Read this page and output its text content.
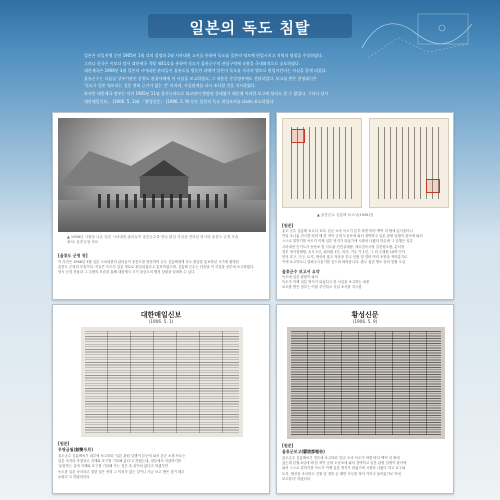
일본의 독도 침탈

일본은 러일전쟁 중인 1905년 1월 각의 결정과 2월 시마네현 고시를 통하여 독도를 일본의 영토에 편입시키고 지역의 명칭을 주장하였다.

그러나 한국은 이보다 앞서 대한제국 칙령 제41호를 통하여 독도가 울릉군수의 관할구역에 속함을 국내외적으로 공포하였다.

대한제국은 1906년 3월 일본의 시마네현 관리들이 울릉도를 방문한 뒤에야 일본이 독도를 자국의 영토로 편입시킨다는 사실을 알게 되었다.

울릉군수는 다음날 상부기관인 강원도 관찰사에게 이 사실을 보고하였고, 그 내용은 중앙정부에도 전달되었다. 보고를 받은 참정대신은

'독도가 일본 영토라는 설은 전혀 근거가 없는 것' 이라며, 사실관계를 다시 조사할 것을 지시하였다.

하지만 대한제국 정부는 이미 1905년 11월 을사늑약으로 외교권이 박탈된 상태였기 때문에 이러한 보고에 항의도 할 수 없었다. 그러나 당시

대한매일신보」 (1906. 5. 1)와 「황성신문」 (1906. 5. 9) 등은 일본의 독도 편입조치를 claim 보도하였다

▲ 1906년 시찰을 나온 일본 시마네현 관리들이 울릉군수를 만나 편입 사실을 전하던 당시의 울릉도 군청 모습
출처: 울릉군청 자료
[울릉도 군청 청]
이 사진은 1906년 3월 일본 시마네현의 관리들이 울릉도를 방문하여 군수 심흥택에게 독도 편입을 통보하던 시기에 촬영된
울릉도 군청의 모습이다. 이들은 독도가 일본 영토로 편입되었다고 통보하였으며, 심흥택 군수는 다음날 이 사실을 상부에 보고하였다.
당시 군청 건물과 그 주변의 모습을 통해 대한제국 시기 울릉도의 행정 상황을 살펴볼 수 있다.
▲ 울릉군수 심흥택 보고서(1906년)
[원문]
울도 군수 심흥택 보고서 호외. 본군 소속 독도가 본부 바깥 바다 백여 리 밖에 있사옵더니
이달 초나흘 진시쯤 되어 배 한 척이 군내 도동포에 와서 정박하고 일본 관원 일행이 관사에 와서
스스로 말하기를 독도가 이제 일본 영지가 되었기에 시찰차 나왔다 하온바 그 일행은 일본
시마네현 은기도사 동문보 및 사무관 신전유태랑, 세무감독국장 길전평오랑, 분서장
경부 영사청태랑, 순사 1인, 회의원 1인, 의사, 기수 각 1인, 그 외 수행원 10여 인이
먼저 호구, 인구, 토지, 생산의 많고 적음을 묻고 인원 및 경비 여러 조항을 적어갔기로
이에 보고하오니 살펴주시옵기를 엎드려 바라옵니다. 광무 십년 병오 음력 삼월 오일
울릉군수 보고서 요약
독도에 일본 관원이 와서
독도가 이제 일본 영지가 되었다고 한 사실을 보고하는 내용
보고를 받은 정부는 이를 부인하고 사실 조사를 지시함
대한매일신보
(1906. 5. 1)
[원문]
무쌍금월(無雙今月)
울도군수 심흥택씨가 내부에 보고하되 '일본 관원 일행이 본군에 와서 본군 소재 독도는
일본 속지라 자칭하고 지계와 호구를 기록해 갔다'고 하였는데, 내부에서 지령하기를
'유람하는 길에 지계와 호구를 기록해 가는 것은 혹 괴이치 않다고 하겠지만
독도를 일본 속지라고 칭한 것은 전혀 그 이치가 없는 것이니 지금 보고 받은 것이 매우
놀랍다'고 하였다더라
황성신문
(1906. 5. 9)
[원문]
울릉군보고(鬱陵郡報告)
울도군수 심흥택씨가 정부에 보고하되 '본군 소속 독도가 바깥 바다 백여 리 밖에
있는데 본월 4일에 배 한 척이 군내 도동포에 와서 정박하고 일본 관원 일행이 관사에
와서 스스로 말하기를 독도가 이제 일본 영지가 되었기에 시찰차 나왔다 하고 호구와
토지, 생산을 조사하고 인원 및 경비 등 제반 사무를 적어 가지고 돌아갔기로 이에
보고한다' 하였더라
